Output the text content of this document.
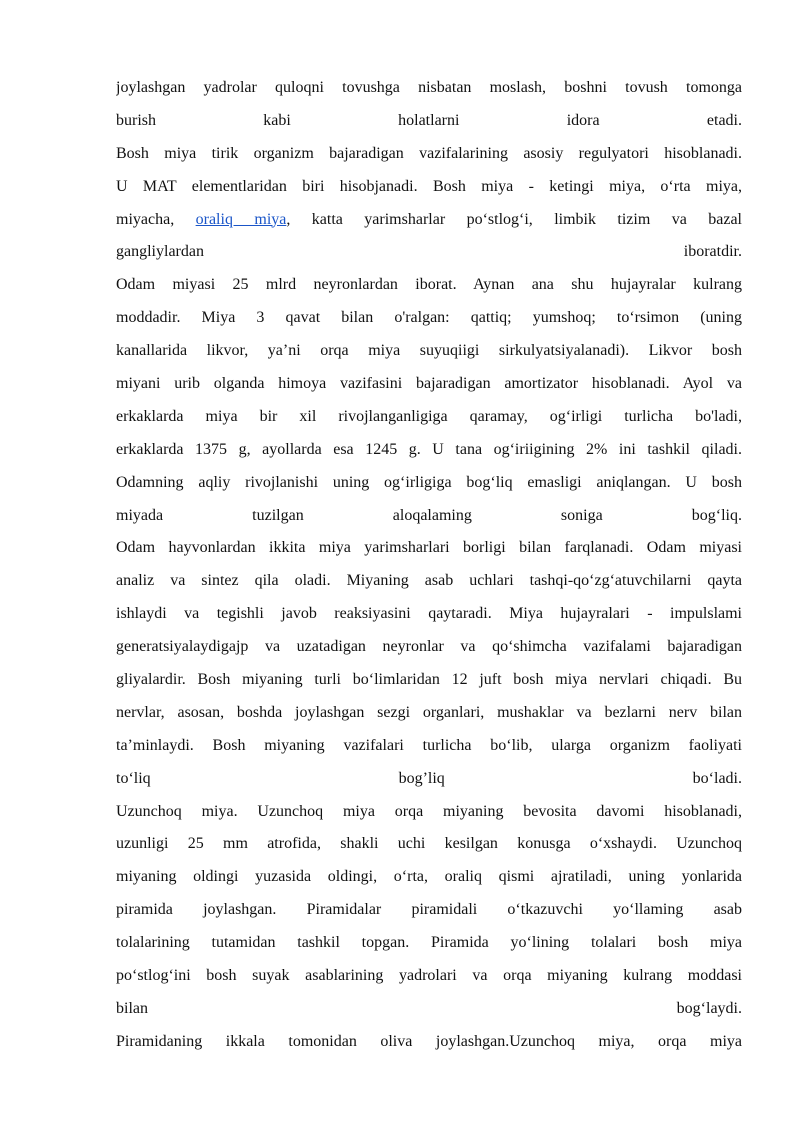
joylashgan yadrolar quloqni tovushga nisbatan moslash, boshni tovush tomonga
burish kabi holatlarni idora etadi.
Bosh miya tirik organizm bajaradigan vazifalarining asosiy regulyatori hisoblanadi.
U MAT elementlaridan biri hisobjanadi. Bosh miya - ketingi miya, o‘rta miya,
miyacha, oraliq miya, katta yarimsharlar po‘stlog‘i, limbik tizim va bazal
gangliylardan iboratdir.
Odam miyasi 25 mlrd neyronlardan iborat. Aynan ana shu hujayralar kulrang
moddadir. Miya 3 qavat bilan o'ralgan: qattiq; yumshoq; to‘rsimon (uning
kanallarida likvor, ya’ni orqa miya suyuqiigi sirkulyatsiyalanadi). Likvor bosh
miyani urib olganda himoya vazifasini bajaradigan amortizator hisoblanadi. Ayol va
erkaklarda miya bir xil rivojlanganligiga qaramay, og‘irligi turlicha bo'ladi,
erkaklarda 1375 g, ayollarda esa 1245 g. U tana og‘iriigining 2% ini tashkil qiladi.
Odamning aqliy rivojlanishi uning og‘irligiga bog‘liq emasligi aniqlangan. U bosh
miyada tuzilgan aloqalaming soniga bog‘liq.
Odam hayvonlardan ikkita miya yarimsharlari borligi bilan farqlanadi. Odam miyasi
analiz va sintez qila oladi. Miyaning asab uchlari tashqi-qo‘zg‘atuvchilarni qayta
ishlaydi va tegishli javob reaksiyasini qaytaradi. Miya hujayralari - impulslami
generatsiyalaydigajp va uzatadigan neyronlar va qo‘shimcha vazifalami bajaradigan
gliyalardir. Bosh miyaning turli bo‘limlaridan 12 juft bosh miya nervlari chiqadi. Bu
nervlar, asosan, boshda joylashgan sezgi organlari, mushaklar va bezlarni nerv bilan
ta’minlaydi. Bosh miyaning vazifalari turlicha bo‘lib, ularga organizm faoliyati
to‘liq bog’liq bo‘ladi.
Uzunchoq miya. Uzunchoq miya orqa miyaning bevosita davomi hisoblanadi,
uzunligi 25 mm atrofida, shakli uchi kesilgan konusga o‘xshaydi. Uzunchoq
miyaning oldingi yuzasida oldingi, o‘rta, oraliq qismi ajratiladi, uning yonlarida
piramida joylashgan. Piramidalar piramidali o‘tkazuvchi yo‘llaming asab
tolalarining tutamidan tashkil topgan. Piramida yo‘lining tolalari bosh miya
po‘stlog‘ini bosh suyak asablarining yadrolari va orqa miyaning kulrang moddasi
bilan bog‘laydi.
Piramidaning ikkala tomonidan oliva joylashgan.Uzunchoq miya, orqa miya
